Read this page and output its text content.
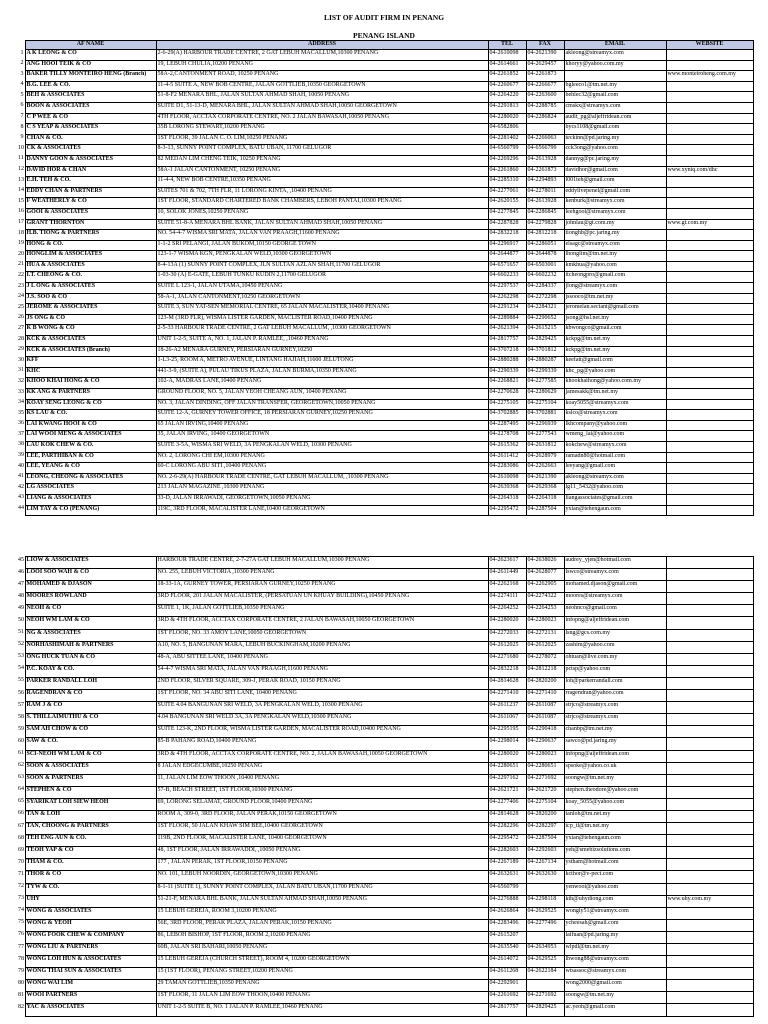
LIST OF AUDIT FIRM IN PENANG
PENANG ISLAND
	AF NAME	ADDRESS	TEL	FAX	EMAIL	WEBSITE
1	A K LEONG & CO	2-6-29(A) HARBOUR TRADE CENTRE, 2 GAT LEBUH MACALLUM,10300 PENANG	04-2610098	04-2621390	akleong@streamyx.com	
2	ANG HOOI TEIK & CO	19, LEBUH CHULIA,10200 PENANG	04-2614661	04-2629457	khoryy@yahoo.com.my	
3	BAKER TILLY MONTEIRO HENG (Branch)	58A-2,CANTONMENT ROAD, 10250 PENANG	04-2261852	04-2261873		www.monteiroheng.com.my
4	B.G. LEE & CO.	11-4-5 SUITE A, NEW BOB CENTRE, JALAN GOTTLIEB,10350 GEORGETOWN	04-2260677	04-2266677	bgleeco1@tm.net.my	
5	BEH & ASSOCIATES	51-8-F2 MENARA BHL, JALAN SULTAN AHMAD SHAH, 10050 PENANG	04-2264220	04-2263600	behlec32@gmail.com	
6	BOON & ASSOCIATES	SUITE D1, 51-13-D, MENARA BHL, JALAN SULTAN AHMAD SHAH,10050 GEORGETOWN	04-2291813	04-2288785	cmskx@streamyx.com	
7	C P WEE & CO	4TH FLOOR, ACCTAX CORPORATE CENTRE, NO. 2 JALAN BAWASAH,10050 PENANG	04-2280020	04-2286824	audit_pg@aljeffridean.com	
8	C S YEAP & ASSOCIATES	35B LORONG STEWART,10200 PENANG	04-6582806		bycs1108@gmail.com	
9	CHAN & CO.	1ST FLOOR, 39 JALAN C. O. LIM,10250 PENANG	04-2281402	04-2266063	teckinn@pd.jaring.my	
10	CK & ASSOCIATES	8-3-13, SUNNY POINT COMPLEX, BATU UBAN, 11700 GELUGOR	04-6560799	04-6566799	cck3ong@yahoo.com	
11	DANNY GOON & ASSOCIATES	82 MEDAN LIM CHENG TEIK, 10250 PENANG	04-2269296	04-2613928	dannyg@pc.jaring.my	
12	DAVID HOR & CHAN	58A-1 JALAN CANTONMENT, 10250 PENANG	04-2261860	04-2261873	davidhor@gmail.com	www.xyniq.com/dhc
13	E.H. TEH & CO.	11-4-4, NEW BOB CENTRE,10350 PENANG	04-2285310	04-2294893	l001teh@gmail.com	
14	EDDY CHAN & PARTNERS	SUITES 701 & 702, 7TH FLR, 11 LORONG KINTA, ,10400 PENANG	04-2277061	04-2278011	eddylivepenel@gmail.com	
15	F WEATHERLY & CO	1ST FLOOR, STANDARD CHARTERED BANK CHAMBERS, LEBOH PANTAI,10300 PENANG	04-2620155	04-2613928	kenburk@streamyx.com	
16	GOOI & ASSOCIATES	10, SOLOK JONES,10250 PENANG	04-2277845	04-2286845	leehgooi@streamyx.com	
17	GRANT THORNTON	SUITE 51-8-A MENARA BHL BANK, JALAN SULTAN AHMAD SHAH,10050 PENANG	04-2287828	04-2279828	johnlau@gt.com.my	www.gt.com.my
18	H.B. TIONG & PARTNERS	NO. 54-4-7 WISMA SRI MATA, JALAN VAN PRAAGH,11600 PENANG	04-2832218	04-2812218	tionghb@pc.jaring.my	
19	HONG & CO.	1-1-2 SRI PELANGI, JALAN BUKOM,10150 GEORGE TOWN	04-2296917	04-2286051	elsagc@streamyx.com	
20	HONGLIM & ASSOCIATES	123-1-7 WISMA KGN, PENGKALAN WELD,10300 GEORGETOWN	04-2644877	04-2644878	lhonglim@tm.net.my	
21	HUA & ASSOCIATES	8-4-13A (1) SUNNY POINT COMPLEX, JLN SULTAN AZLAN SHAH,11700 GELUGOR	04-6571657	04-6503001	kmkhua@yahoo.com	
22	I.T. CHEONG & CO.	1-03-30 (A) E-GATE, LEBUH TUNKU KUDIN 2,11700 GELUGOR	04-6602233	04-6602232	itcheongpro@gmail.com	
23	J L ONG & ASSOCIATES	SUITE L 123-1, JALAN UTAMA,10450 PENANG	04-2297537	04-2284337	jlong@streamyx.com	
24	J.S. SOO & CO	58-A-1, JALAN CANTONMENT,10250 GEORGETOWN	04-2262298	04-2272298	jssooco@tm.net.my	
25	JEROME & ASSOCIATES	SUITE 3, SUN YAT-SEN MEMORIAL CENTRE, 65 JALAN MACALISTER,10400 PENANG	04-2291234	04-2284321	jeromelan.sectant@gmail.com	
26	JS ONG & CO	123-M (3RD FLR), WISMA LISTER GARDEN, MACLISTER ROAD,10400 PENANG	04-2289884	04-2290652	jsong@hsl.net.my	
27	K B WONG & CO	2-5-33 HARBOUR TRADE CENTRE, 2 GAT LEBUH MACALLUM, ,10300 GEORGETOWN	04-2621394	04-2615215	kbwongco@gmail.com	
28	KCK & ASSOCIATES	UNIT 1-2-5, SUITE A, NO. 1, JALAN P. RAMLEE, ,10460 PENANG	04-2817757	04-2829425	kckpg@tm.net.my	
29	KCK & ASSOCIATES (Branch)	18-26-A2 MENARA GURNEY, PERSIARAN GURNEY,10250	04-3707218	04-3701812	kckpg@tm.net.my	
30	KFF	1-L3-25, ROOM A, METRO AVENUE, LINTANG HAJIAH,11600 JELUTONG	04-2880288	04-2880287	keefatt@gmail.com	
31	KHC	441-3-9, (SUITE A), PULAU TIKUS PLAZA, JALAN BURMA,10350 PENANG	04-2290339	04-2299339	khc_pg@yahoo.com	
32	KHOO KHAI HONG & CO	102-A, MADRAS LANE,10400 PENANG	04-2268821	04-2277585	khookhaihong@yahoo.com.my	
33	KK ANG & PARTNERS	GROUND FLOOR, NO. 5, JALAN YEOH CHEANG AUN, 10400 PENANG	04-2270628	04-2280629	jamesakk@tm.net.my	
34	KOAY SENG LEONG & CO	NO. 3, JALAN DINDING, OFF JALAN TRANSFER, GEORGETOWN,10050 PENANG	04-2275105	04-2275104	koay5055@streamyx.com	
35	KS LAU & CO.	SUITE 12-A, GURNEY TOWER OFFICE, 18 PERSIARAN GURNEY,10250 PENANG	04-3702885	04-3702881	kslco@streamyx.com	
36	LAI KWANG HOOI & CO	65 JALAN IRVING,10400 PENANG	04-2287495	04-2296939	lkhcompany@yahoo.com	
37	LAI WOOI MENG & ASSOCIATES	35, JALAN IRVING, 10400 GEORGETOWN	04-2278708	04-2277543	wmeng_lai@yahoo.com	
38	LAU KOK CHEW & CO.	SUITE 3-5A, WISMA SRI WELD, 3A PENGKALAN WELD, 10300 PENANG	04-2615362	04-2631812	kokchew@streamyx.com	
39	LEE, PARTHIBAN & CO	NO. 2, LORONG CHI EM,10300 PENANG	04-2611412	04-2628979	ramadn80@hotmail.com	
40	LEE, YEANG & CO	60-C LORONG ABU SITI ,10400 PENANG	04-2283086	04-2262663	leeyang@gmail.com	
41	LEONG, CHEONG & ASSOCIATES	NO. 2-6-29(A) HARBOUR TRADE CENTRE, GAT LEBUH MACALLUM, ,10300 PENANG	04-2610098	04-2621390	akleong@streamyx.com	
42	LG ASSOCIATES	213 JALAN MAGAZINE ,10300 PENANG	04-2639368	04-2629368	lg11_5432@yahoo.com	
43	LIANG & ASSOCIATES	33-D, JALAN IRRAWADI, GEORGETOWN,10050 PENANG	04-2264318	04-2264318	liangassociates@gmail.com	
44	LIM TAY & CO (PENANG)	119C, 3RD FLOOR, MACALISTER LANE,10400 GEORGETOWN	04-2295472	04-2287504	yxian@tehengaun.com	
45	LIOW & ASSOCIATES	HARBOUR TRADE CENTRE, 2-7-27A GAT LEBUH MACALLUM,10300 PENANG	04-2623617	04-2638026	audrey_yjen@hotmail.com	
46	LOOI SOO WAH & CO	NO. 255, LEBUH VICTORIA ,10300 PENANG	04-2611449	04-2628077	lswco@streamyx.com	
47	MOHAMED & DJASON	18-33-1A, GURNEY TOWER, PERSIARAN GURNEY,10250 PENANG	04-2262168	04-2262905	mohamed.djason@gmail.com	
48	MOORES ROWLAND	3RD FLOOR, 201 JALAN MACALISTER, (PERSATUAN UN KHUAY BUILDING),10450 PENANG	04-2274111	04-2274322	moores@streamyx.com	
49	NEOH & CO	SUITE 1, 1K, JALAN GOTTLIEB,10350 PENANG	04-2264252	04-2264253	neohnco@gmail.com	
50	NEOH WM LAM & CO	3RD & 4TH FLOOR, ACCTAX CORPORATE CENTRE, 2 JALAN BAWASAH,10050 GEORGETOWN	04-2280020	04-2280023	infopng@aljeffridean.com	
51	NG & ASSOCIATES	1ST FLOOR, NO. 33 AMOY LANE,10050 GEORGETOWN	04-2272033	04-2272131	lsng@gcs.com.my	
52	NORHASHIMAH & PARTNERS	A10, NO. 5, BANGUNAN MARA, LEBUH BUCKINGHAM,10200 PENANG	04-2612025	04-2612025	zashim@yahoo.com	
53	ONG HUCK TUAN & CO	48-A, ABU SITTEE LANE, 10400 PENANG	04-2271680	04-2278072	ohtuan@live.com.my	
54	P.C. KOAY & CO.	54-4-7 WISMA SRI MATA, JALAN VAN PRAAGH,11600 PENANG	04-2832218	04-2812218	pctsp@yahoo.com	
55	PARKER RANDALL LOH	2ND FLOOR, SILVER SQUARE, 309-J, PERAK ROAD, 10150 PENANG	04-2814628	04-2820200	loh@parkerrandall.com	
56	RAGENDRAN & CO	1ST FLOOR, NO. 34 ABU SITI LANE, 10400 PENANG	04-2271410	04-2271410	rragendran@yahoo.com	
57	RAM J & CO	SUITE 4.04 BANGUNAN SRI WELD, 3A PENGKALAN WELD, 10300 PENANG	04-2611237	04-2611087	strjco@streamyx.com	
58	S. THILLAIMUTHU & CO	4.04 BANGUNAN SRI WELD 3A, 3A PENGKALAN WELD,10300 PENANG	04-2611067	04-2611087	strjco@streamyx.com	
59	SAM AH CHOW & CO	SUITE 123-K, 2ND FLOOR, WISMA LISTER GARDEN, MACALISTER ROAD,10400 PENANG	04-2295195	04-2290418	chanbp@tm.net.my	
60	SAW & CO.	85-B PAHANG ROAD,10400 PENANG	04-2298014	04-2290637	sawco@pd.jaring.my	
61	SCI-NEOH WM LAM & CO	3RD & 4TH FLOOR, ACCTAX CORPORATE CENTRE, NO. 2, JALAN BAWASAH,10050 GEORGETOWN	04-2280020	04-2280023	infopng@aljeffridean.com	
62	SOON & ASSOCIATES	8 JALAN EDGECUMBE,10250 PENANG	04-2280651	04-2280651	spsoke@yahoo.co.uk	
63	SOON & PARTNERS	11, JALAN LIM EOW THOON ,10400 PENANG	04-2297162	04-2271692	soongw@tm.net.my	
64	STEPHEN & CO	57-B, BEACH STREET, 1ST FLOOR,10300 PENANG	04-2621721	04-2621720	stephen.theodore@yahoo.com	
65	SYARIKAT LOH SIEW HEOH	69, LORONG SELAMAT, GROUND FLOOR,10400 PENANG	04-2277406	04-2275104	koay_5055@yahoo.com	
66	TAN & LOH	ROOM A, 309-0, 3RD FLOOR, JALAN PERAK,10150 GEORGETOWN	04-2814628	04-2820200	tanloh@tm.net.my	
67	TAN, CHOONG & PARTNERS	1ST FLOOR, 50 JALAN KHAW SIM BEE,10400 GEORGETOWN	04-2282296	04-2282297	tcp_tl@tm.net.my	
68	TEH ENG AUN & CO.	119B, 2ND FLOOR, MACALISTER LANE, 10400 GEORGETOWN	04-2295472	04-2287504	yxian@tehengaun.com	
69	TEOH YAP & CO	48, 1ST FLOOR, JALAN IRRAWADDI, ,10050 PENANG	04-2282603	04-2292603	yeh@smebizsolutions.com	
70	THAM & CO.	177 , JALAN PERAK, 1ST FLOOR,10150 PENANG	04-2267189	04-2267134	ystham@hotmail.com	
71	THOR & CO	NO. 101, LEBUH NOORDIN, GEORGETOWN,10300 PENANG	04-2632631	04-2632630	kcthor@v-pect.com	
72	TYW & CO.	8-1-11 (SUITE 1), SUNNY POINT COMPLEX, JALAN BATU UBAN,11700 PENANG	04-6560799		yenwooi@yahoo.com	
73	UHY	51-21-F, MENARA BHL BANK, JALAN SULTAN AHMAD SHAH,10050 PENANG	04-2276888	04-2298118	kth@uhydiong.com	www.uhy.com.my
74	WONG & ASSOCIATES	15 LEBUH GEREJA, ROOM 3,10200 PENANG	04-2626864	04-2629525	wongly51@streamyx.com	
75	WONG & YEOH	56E, 3RD FLOOR, PERAK PLAZA, JALAN PERAK,10150 PENANG	04-2283496	04-2277496	ycheesah@gmail.com	
76	WONG FOOK CHEW & COMPANY	86, LEBOH BISHOP, 1ST FLOOR, ROOM 2,10200 PENANG	04-2615207		laifuan@pd.jaring.my	
77	WONG LIU & PARTNERS	60B, JALAN SRI BAHARI,10050 PENANG	04-2635540	04-2634953	wlpdl@tm.net.my	
78	WONG LOH HUN & ASSOCIATES	15 LEBUH GEREJA (CHURCH STREET), ROOM 4, 10200 GEORGETOWN	04-2614072	04-2629525	lhwong88@streamyx.com	
79	WONG THAI SUN & ASSOCIATES	15 (1ST FLOOR), PENANG STREET,10200 PENANG	04-2611268	04-2622184	wtsassoc@streamyx.com	
80	WONG WAI LIM	29 TAMAN GOTTLIEB,10350 PENANG	04-2292901		wong2000@gmail.com	
81	WOOI PARTNERS	1ST FLOOR, 11 JALAN LIM EOW THOON,10400 PENANG	04-2261692	04-2271692	soongw@tm.net.my	
82	YAC & ASSOCIATES	UNIT 1-2-5 SUITE B, NO. 1 JALAN P. RAMLEE,10460 PENANG	04-2817757	04-2829425	ac.yeoh@gmail.com	
